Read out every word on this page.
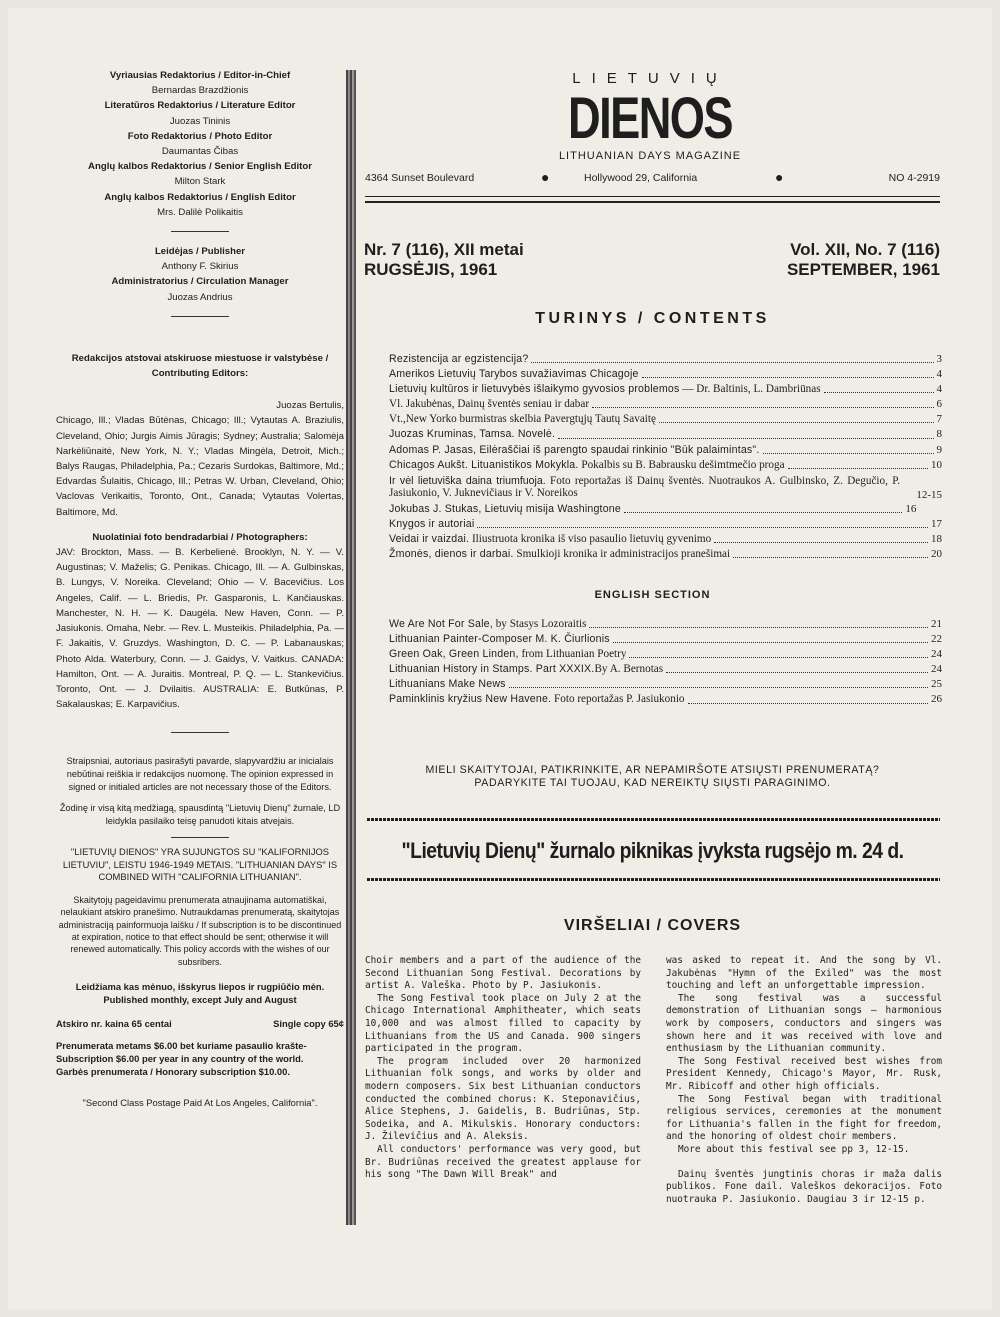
Vyriausias Redaktorius / Editor-in-Chief

Bernardas Brazdžionis

Literatūros Redaktorius / Literature Editor

Juozas Tininis

Foto Redaktorius / Photo Editor

Daumantas Čibas

Anglų kalbos Redaktorius / Senior English Editor

Milton Stark

Anglų kalbos Redaktorius / English Editor

Mrs. Dalilė Polikaitis

Leidėjas / Publisher

Anthony F. Skirius

Administratorius / Circulation Manager

Juozas Andrius

Redakcijos atstovai atskiruose miestuose ir valstybėse / Contributing Editors:
Juozas Bertulis,
Chicago, Ill.; Vladas Būtėnas, Chicago; Ill.; Vytautas A. Braziulis, Cleveland, Ohio; Jurgis Aimis Jūragis; Sydney; Australia; Salomėja Narkėliūnaitė, New York, N. Y.; Vladas Mingėla, Detroit, Mich.; Balys Raugas, Philadelphia, Pa.; Cezaris Surdokas, Baltimore, Md.; Edvardas Šulaitis, Chicago, Ill.; Petras W. Urban, Cleveland, Ohio; Vaclovas Verikaitis, Toronto, Ont., Canada; Vytautas Volertas, Baltimore, Md.
Nuolatiniai foto bendradarbiai / Photographers:
JAV: Brockton, Mass. — B. Kerbelienė. Brooklyn, N. Y. — V. Augustinas; V. Maželis; G. Penikas. Chicago, Ill. — A. Gulbinskas, B. Lungys, V. Noreika. Cleveland; Ohio — V. Bacevičius. Los Angeles, Calif. — L. Briedis, Pr. Gasparonis, L. Kančiauskas. Manchester, N. H. — K. Daugėla. New Haven, Conn. — P. Jasiukonis. Omaha, Nebr. — Rev. L. Musteikis. Philadelphia, Pa. — F. Jakaitis, V. Gruzdys. Washington, D. C. — P. Labanauskas; Photo Alda. Waterbury, Conn. — J. Gaidys, V. Vaitkus. CANADA: Hamilton, Ont. — A. Juraitis. Montreal, P. Q. — L. Stankevičius. Toronto, Ont. — J. Dvilaitis. AUSTRALIA: E. Butkūnas, P. Sakalauskas; E. Karpavičius.
Straipsniai, autoriaus pasirašyti pavarde, slapyvardžiu ar inicialais nebūtinai reiškia ir redakcijos nuomonę. The opinion expressed in signed or initialed articles are not necessary those of the Editors.
Žodinę ir visą kitą medžiagą, spausdintą "Lietuvių Dienų" žurnale, LD leidykla pasilaiko teisę panudoti kitais atvejais.
"LIETUVIŲ DIENOS" YRA SUJUNGTOS SU "KALIFORNIJOS LIETUVIU", LEISTU 1946-1949 METAIS. "LITHUANIAN DAYS" IS COMBINED WITH "CALIFORNIA LITHUANIAN".
Skaitytojų pageidavimu prenumerata atnaujinama automatiškai, nelaukiant atskiro pranešimo. Nutraukdamas prenumeratą, skaitytojas administraciją painformuoja laišku / If subscription is to be discontinued at expiration, notice to that effect should be sent; otherwise it will renewed automatically. This policy accords with the wishes of our subsribers.
Leidžiama kas mėnuo, išskyrus liepos ir rugpiūčio mėn.
Published monthly, except July and August
Atskiro nr. kaina 65 centai	Single copy 65¢
Prenumerata metams $6.00 bet kuriame pasaulio krašte-
Subscription $6.00 per year in any country of the world.
Garbės prenumerata / Honorary subscription $10.00.
"Second Class Postage Paid At Los Angeles, California".
LIETUVIŲ
DIENOS
LITHUANIAN DAYS MAGAZINE
4364 Sunset Boulevard	●	Hollywood 29, California	●	NO 4-2919
Nr. 7 (116), XII metai
RUGSĖJIS, 1961
Vol. XII, No. 7 (116)
SEPTEMBER, 1961
TURINYS / CONTENTS
Rezistencija ar egzistencija?	3
Amerikos Lietuvių Tarybos suvažiavimas Chicagoje	4
Lietuvių kultūros ir lietuvybės išlaikymo gyvosios problemos — Dr. Baltinis, L. Dambriūnas	4
Vl. Jakubėnas, Dainų šventės seniau ir dabar	6
Vt.,New Yorko burmistras skelbia Pavergtųjų Tautų Savaitę	7
Juozas Kruminas, Tamsa. Novelė.	8
Adomas P. Jasas, Eilėraščiai iš parengto spaudai rinkinio "Būk palaimintas".	9
Chicagos Aukšt. Lituanistikos Mokykla. Pokalbis su B. Babrausku dešimtmečio proga	10
Ir vėl lietuviška daina triumfuoja. Foto reportažas iš Dainų šventės. Nuotraukos A. Gulbinsko, Z. Degučio, P. Jasiukonio, V. Juknevičiaus ir V. Noreikos	12-15
Jokubas J. Stukas, Lietuvių misija Washingtone	16
Knygos ir autoriai	17
Veidai ir vaizdai. Iliustruota kronika iš viso pasaulio lietuvių gyvenimo	18
Žmonės, dienos ir darbai. Smulkioji kronika ir administracijos pranešimai	20
ENGLISH SECTION
We Are Not For Sale, by Stasys Lozoraitis	21
Lithuanian Painter-Composer M. K. Čiurlionis	22
Green Oak, Green Linden, from Lithuanian Poetry	24
Lithuanian History in Stamps. Part XXXIX.By A. Bernotas	24
Lithuanians Make News	25
Paminklinis kryžius New Havene. Foto reportažas P. Jasiukonio	26
MIELI SKAITYTOJAI, PATIKRINKITE, AR NEPAMIRŠOTE ATSIŲSTI PRENUMERATĄ?
PADARYKITE TAI TUOJAU, KAD NEREIKTŲ SIŲSTI PARAGINIMO.
"Lietuvių Dienų" žurnalo piknikas įvyksta rugsėjo m. 24 d.
VIRŠELIAI / COVERS

Choir members and a part of the audience of the Second Lithuanian Song Festival. Decorations by artist A. Valeška. Photo by P. Jasiukonis.

The Song Festival took place on July 2 at the Chicago International Amphitheater, which seats 10,000 and was almost filled to capacity by Lithuanians from the US and Canada. 900 singers participated in the program.

The program included over 20 harmonized Lithuanian folk songs, and works by older and modern composers. Six best Lithuanian conductors conducted the combined chorus: K. Steponavičius, Alice Stephens, J. Gaidelis, B. Budriūnas, Stp. Sodeika, and A. Mikulskis. Honorary conductors: J. Žilevičius and A. Aleksis.

All conductors' performance was very good, but Br. Budriūnas received the greatest applause for his song "The Dawn Will Break" and

was asked to repeat it. And the song by Vl. Jakubėnas "Hymn of the Exiled" was the most touching and left an unforgettable impression.

The song festival was a successful demonstration of Lithuanian songs — harmonious work by composers, conductors and singers was shown here and it was received with love and enthusiasm by the Lithuanian community.

The Song Festival received best wishes from President Kennedy, Chicago's Mayor, Mr. Rusk, Mr. Ribicoff and other high officials.

The Song Festival began with traditional religious services, ceremonies at the monument for Lithuania's fallen in the fight for freedom, and the honoring of oldest choir members.

More about this festival see pp 3, 12-15.

Dainų šventės jungtinis choras ir maža dalis publikos. Fone dail. Valeškos dekoracijos. Foto nuotrauka P. Jasiukonio. Daugiau 3 ir 12-15 p.
